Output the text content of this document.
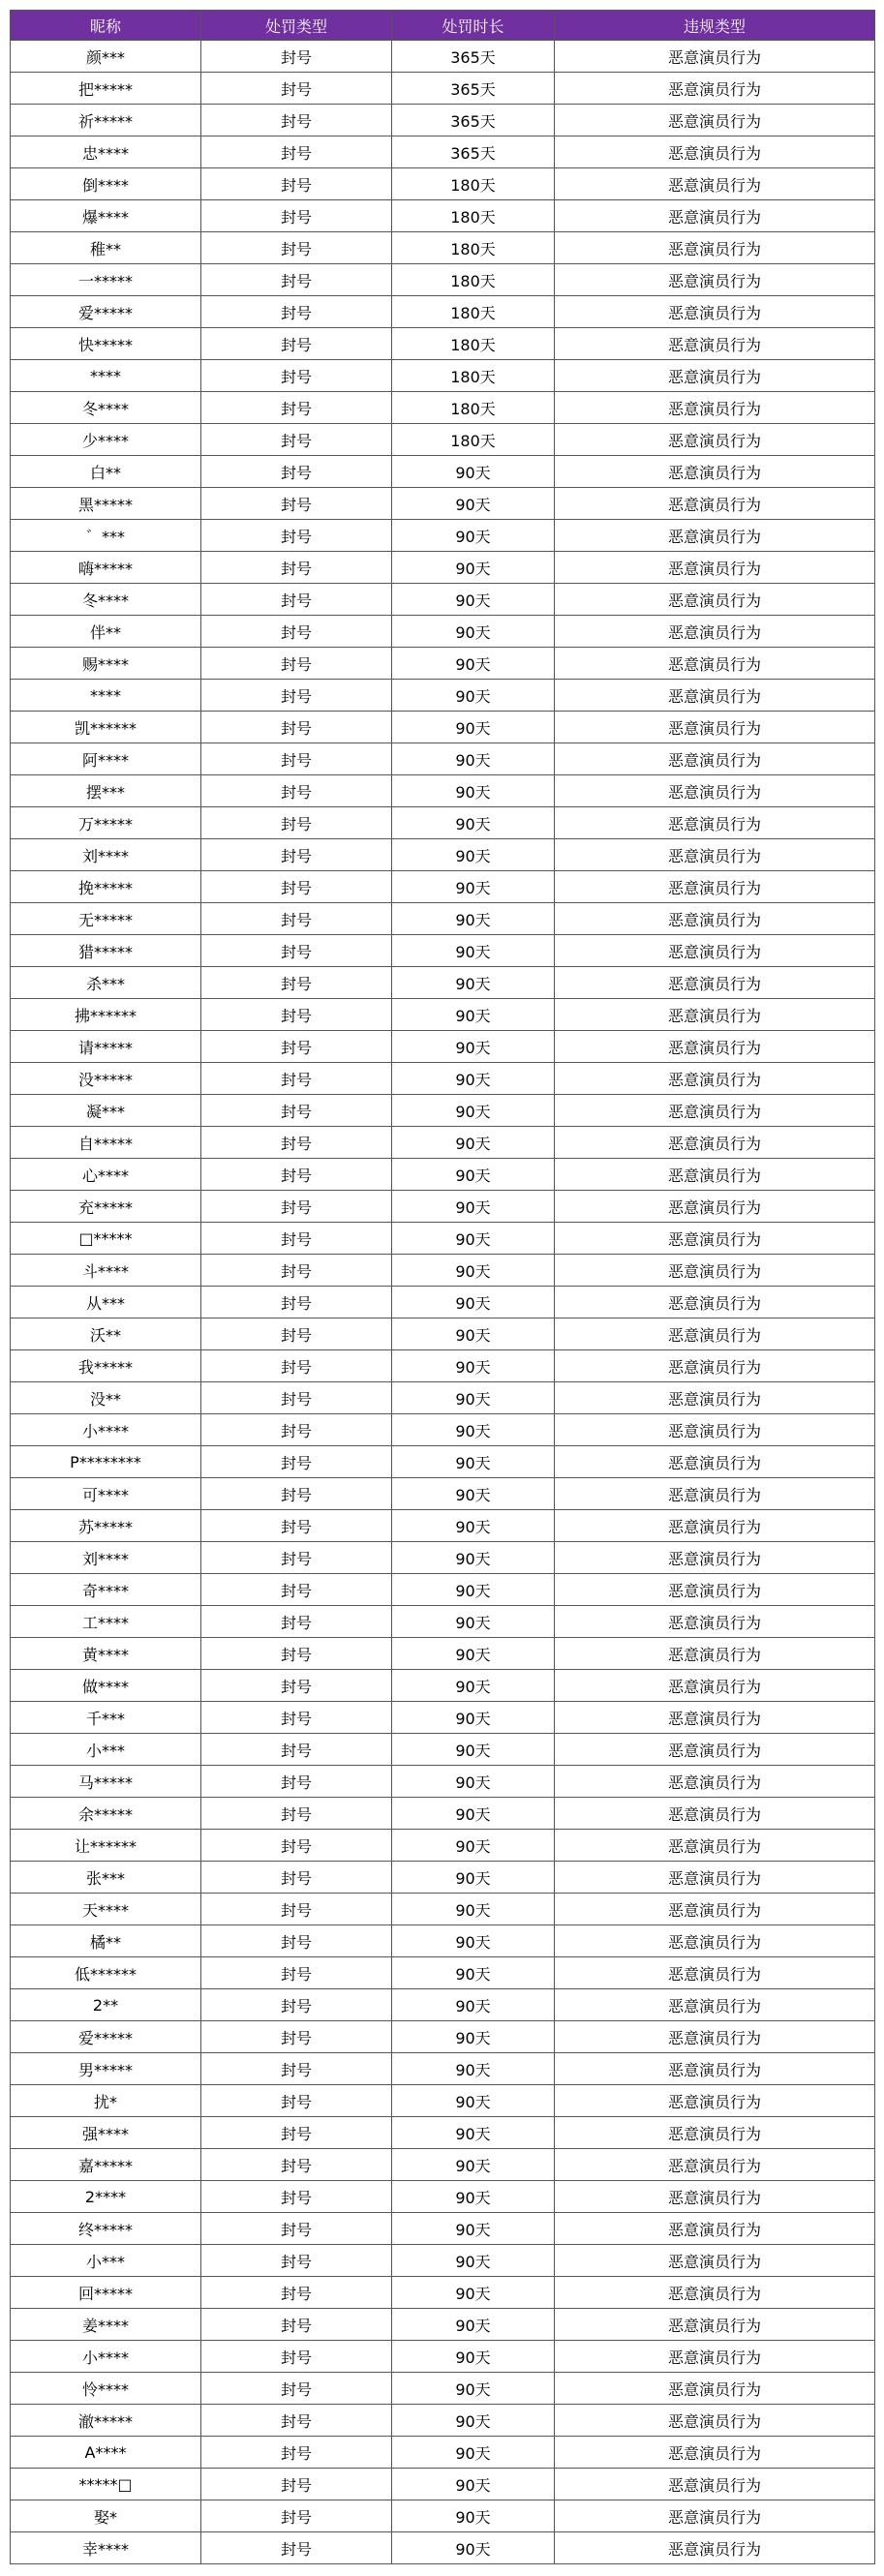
昵称	处罚类型	处罚时长	违规类型
颜***	封号	365天	恶意演员行为
把*****	封号	365天	恶意演员行为
祈*****	封号	365天	恶意演员行为
忠****	封号	365天	恶意演员行为
倒****	封号	180天	恶意演员行为
爆****	封号	180天	恶意演员行为
稚**	封号	180天	恶意演员行为
一*****	封号	180天	恶意演员行为
爱*****	封号	180天	恶意演员行为
快*****	封号	180天	恶意演员行为
****	封号	180天	恶意演员行为
冬****	封号	180天	恶意演员行为
少****	封号	180天	恶意演员行为
白**	封号	90天	恶意演员行为
黑*****	封号	90天	恶意演员行为
゛***	封号	90天	恶意演员行为
嗨*****	封号	90天	恶意演员行为
冬****	封号	90天	恶意演员行为
伴**	封号	90天	恶意演员行为
赐****	封号	90天	恶意演员行为
****	封号	90天	恶意演员行为
凯******	封号	90天	恶意演员行为
阿****	封号	90天	恶意演员行为
摆***	封号	90天	恶意演员行为
万*****	封号	90天	恶意演员行为
刘****	封号	90天	恶意演员行为
挽*****	封号	90天	恶意演员行为
无*****	封号	90天	恶意演员行为
猎*****	封号	90天	恶意演员行为
杀***	封号	90天	恶意演员行为
拂******	封号	90天	恶意演员行为
请*****	封号	90天	恶意演员行为
没*****	封号	90天	恶意演员行为
凝***	封号	90天	恶意演员行为
自*****	封号	90天	恶意演员行为
心****	封号	90天	恶意演员行为
充*****	封号	90天	恶意演员行为
□*****	封号	90天	恶意演员行为
斗****	封号	90天	恶意演员行为
从***	封号	90天	恶意演员行为
沃**	封号	90天	恶意演员行为
我*****	封号	90天	恶意演员行为
没**	封号	90天	恶意演员行为
小****	封号	90天	恶意演员行为
P********	封号	90天	恶意演员行为
可****	封号	90天	恶意演员行为
苏*****	封号	90天	恶意演员行为
刘****	封号	90天	恶意演员行为
奇****	封号	90天	恶意演员行为
工****	封号	90天	恶意演员行为
黄****	封号	90天	恶意演员行为
做****	封号	90天	恶意演员行为
千***	封号	90天	恶意演员行为
小***	封号	90天	恶意演员行为
马*****	封号	90天	恶意演员行为
余*****	封号	90天	恶意演员行为
让******	封号	90天	恶意演员行为
张***	封号	90天	恶意演员行为
天****	封号	90天	恶意演员行为
橘**	封号	90天	恶意演员行为
低******	封号	90天	恶意演员行为
2**	封号	90天	恶意演员行为
爱*****	封号	90天	恶意演员行为
男*****	封号	90天	恶意演员行为
扰*	封号	90天	恶意演员行为
强****	封号	90天	恶意演员行为
嘉*****	封号	90天	恶意演员行为
2****	封号	90天	恶意演员行为
终*****	封号	90天	恶意演员行为
小***	封号	90天	恶意演员行为
回*****	封号	90天	恶意演员行为
姜****	封号	90天	恶意演员行为
小****	封号	90天	恶意演员行为
怜****	封号	90天	恶意演员行为
澈*****	封号	90天	恶意演员行为
A****	封号	90天	恶意演员行为
*****□	封号	90天	恶意演员行为
娶*	封号	90天	恶意演员行为
幸****	封号	90天	恶意演员行为
